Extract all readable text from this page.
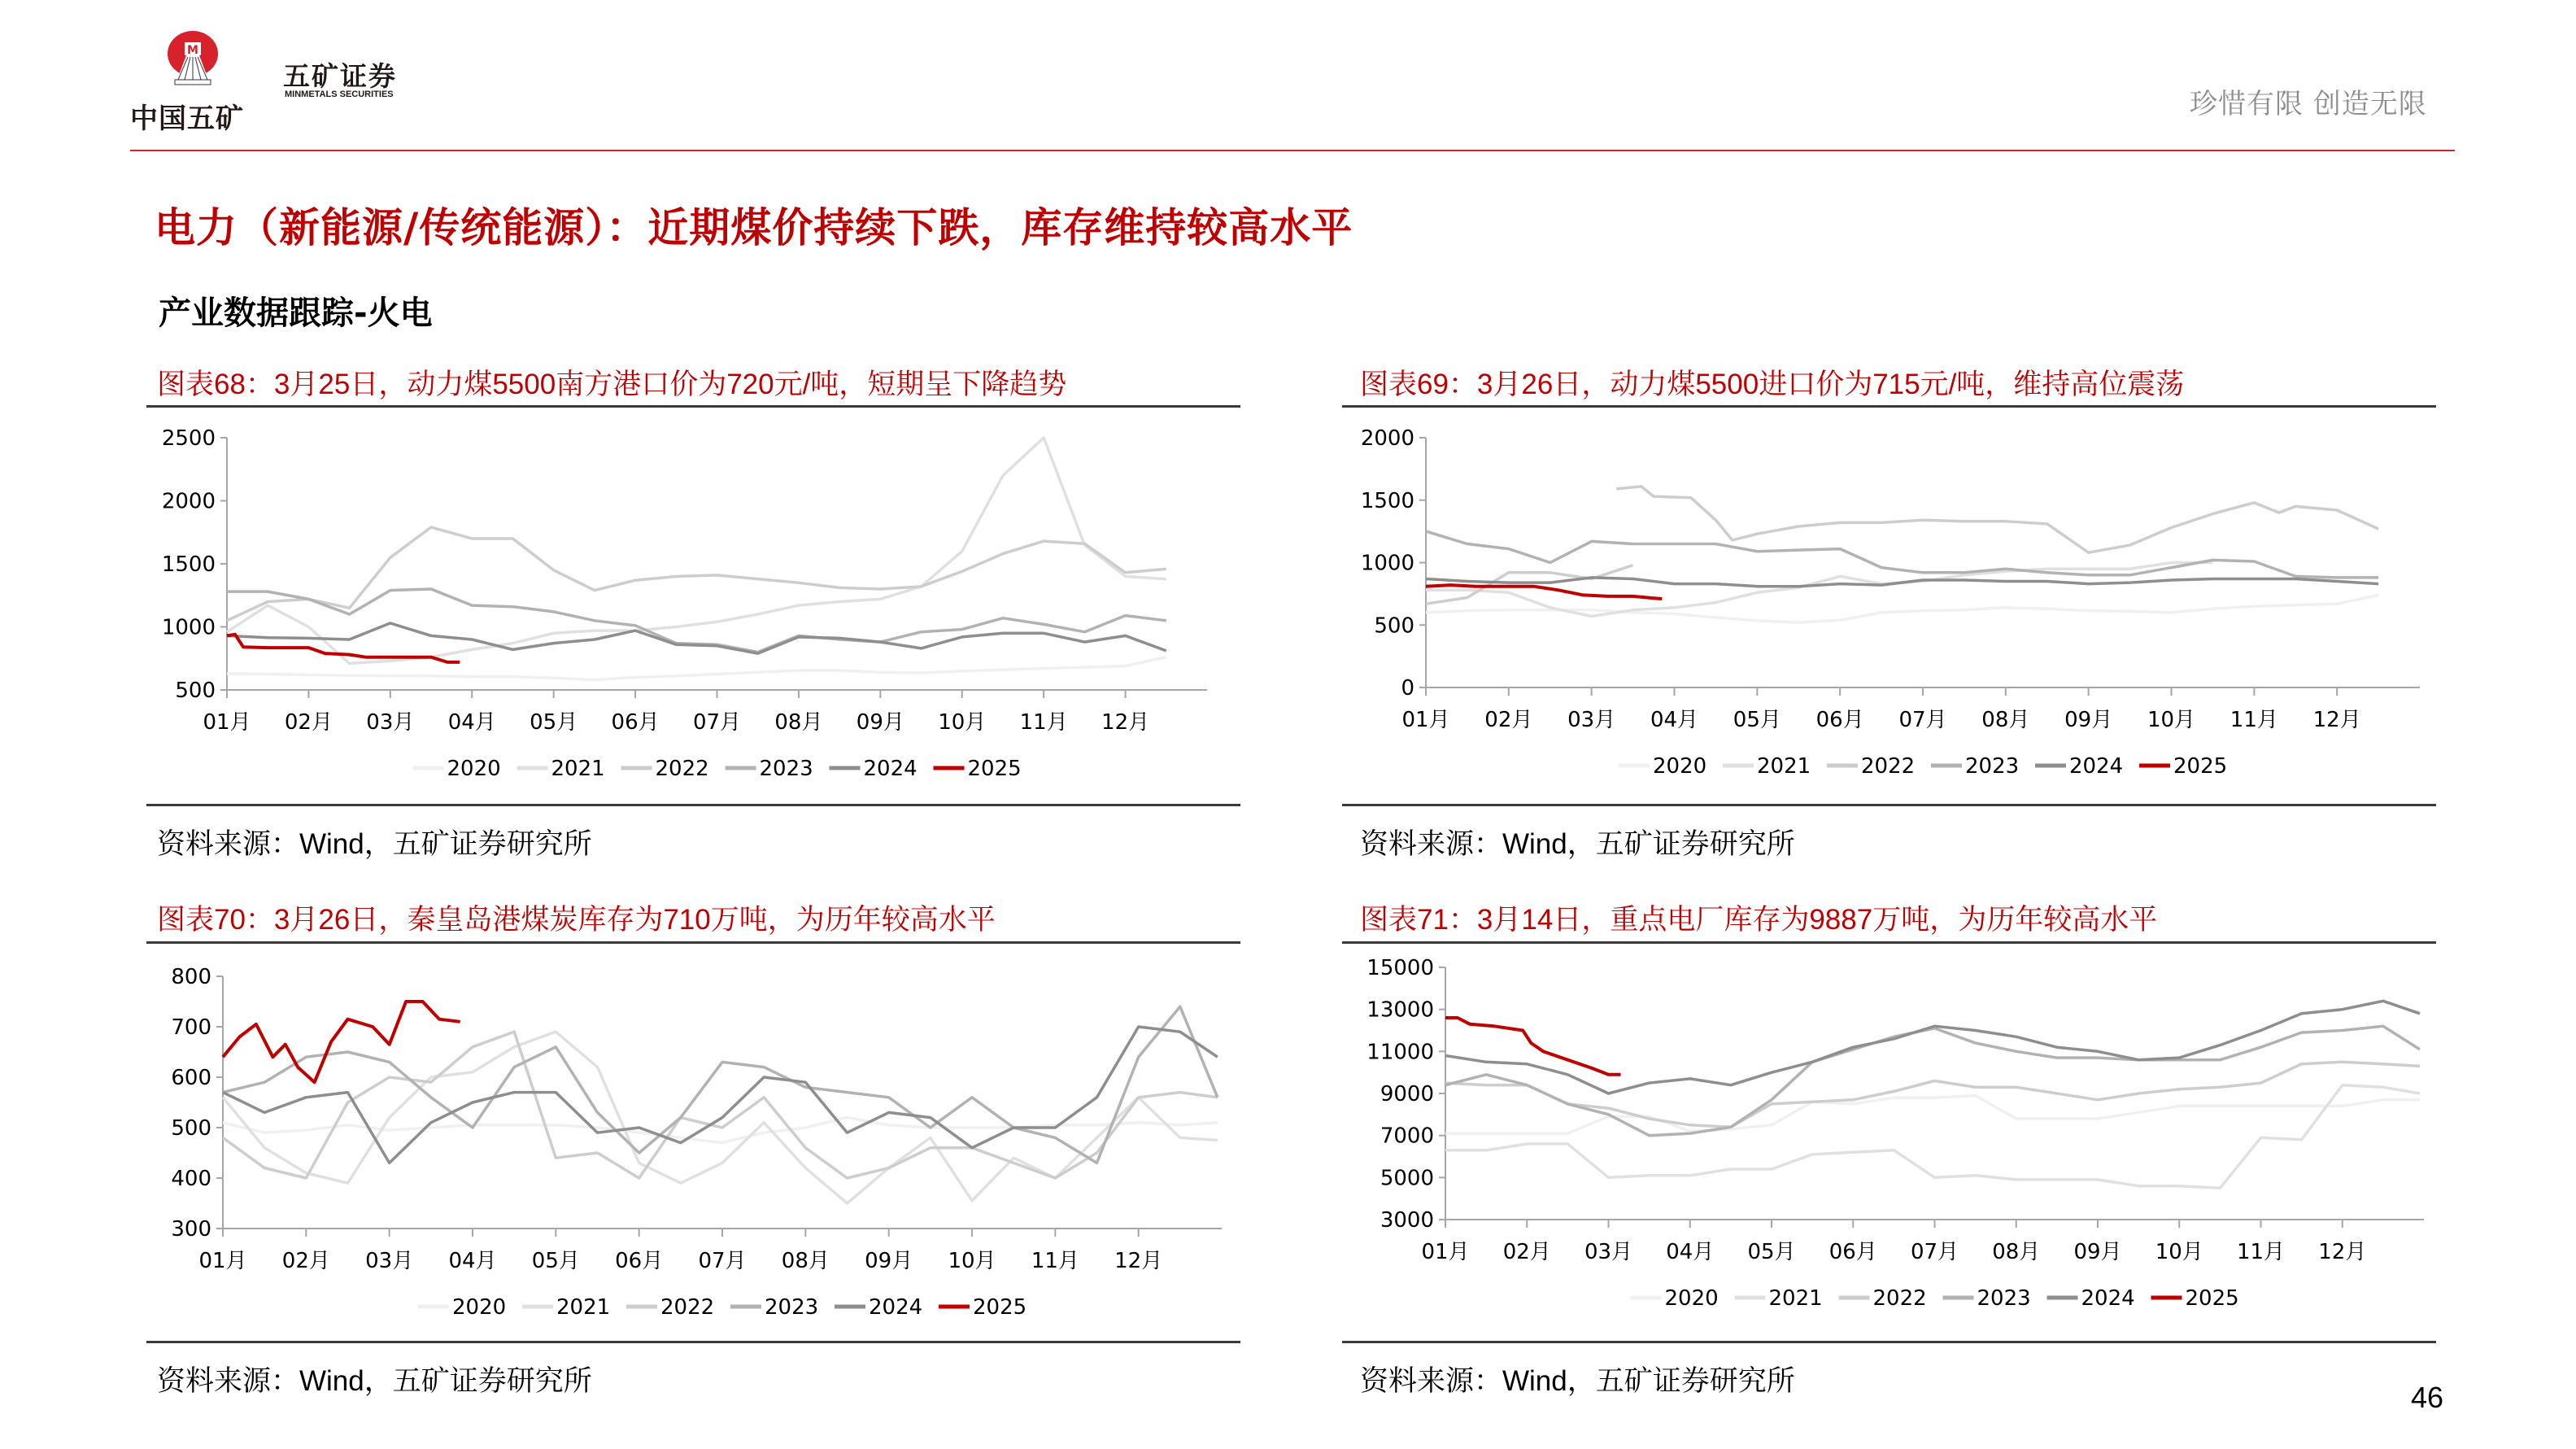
M
中国五矿
五矿证券
MINMETALS SECURITIES	珍惜有限 创造无限
电力（新能源/传统能源）：近期煤价持续下跌，库存维持较高水平
产业数据跟踪-火电
图表68：3月25日，动力煤5500南方港口价为720元/吨，短期呈下降趋势
500
1000
1500
2000
2500
01月 02月 03月 04月 05月 06月 07月 08月 09月 10月 11月 12月
2020 2021 2022 2023 2024 2025
资料来源：Wind，五矿证券研究所
图表69：3月26日，动力煤5500进口价为715元/吨，维持高位震荡
0
500
1000
1500
2000
01月 02月 03月 04月 05月 06月 07月 08月 09月 10月 11月 12月
2020 2021 2022 2023 2024 2025
资料来源：Wind，五矿证券研究所
图表70：3月26日，秦皇岛港煤炭库存为710万吨，为历年较高水平
300
400
500
600
700
800
01月 02月 03月 04月 05月 06月 07月 08月 09月 10月 11月 12月
2020 2021 2022 2023 2024 2025
资料来源：Wind，五矿证券研究所
图表71：3月14日，重点电厂库存为9887万吨，为历年较高水平
3000
5000
7000
9000
11000
13000
15000
01月 02月 03月 04月 05月 06月 07月 08月 09月 10月 11月 12月
2020 2021 2022 2023 2024 2025
资料来源：Wind，五矿证券研究所	46
